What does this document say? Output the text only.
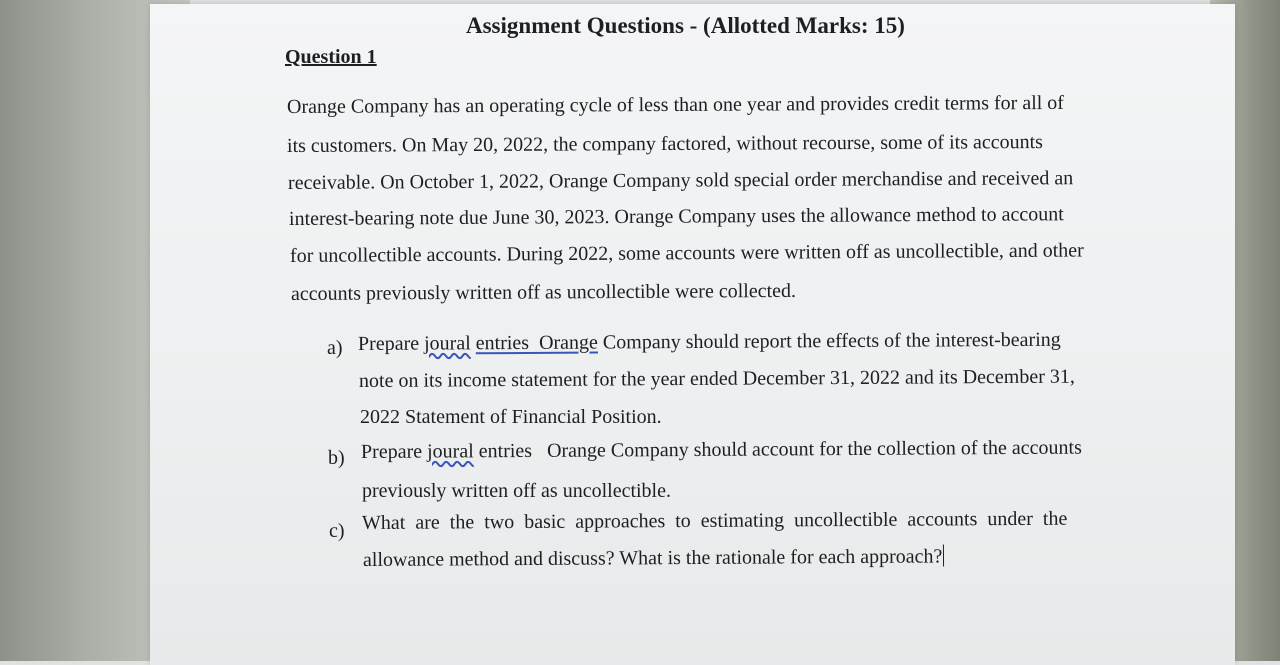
Assignment Questions - (Allotted Marks: 15)
Question 1
Orange Company has an operating cycle of less than one year and provides credit terms for all of
its customers. On May 20, 2022, the company factored, without recourse, some of its accounts
receivable. On October 1, 2022, Orange Company sold special order merchandise and received an
interest-bearing note due June 30, 2023. Orange Company uses the allowance method to account
for uncollectible accounts. During 2022, some accounts were written off as uncollectible, and other
accounts previously written off as uncollectible were collected.
a) Prepare joural entries  Orange Company should report the effects of the interest-bearing
note on its income statement for the year ended December 31, 2022 and its December 31,
2022 Statement of Financial Position.
b) Prepare joural entries   Orange Company should account for the collection of the accounts
previously written off as uncollectible.
c) What are the two basic approaches to estimating uncollectible accounts under the
allowance method and discuss? What is the rationale for each approach?
